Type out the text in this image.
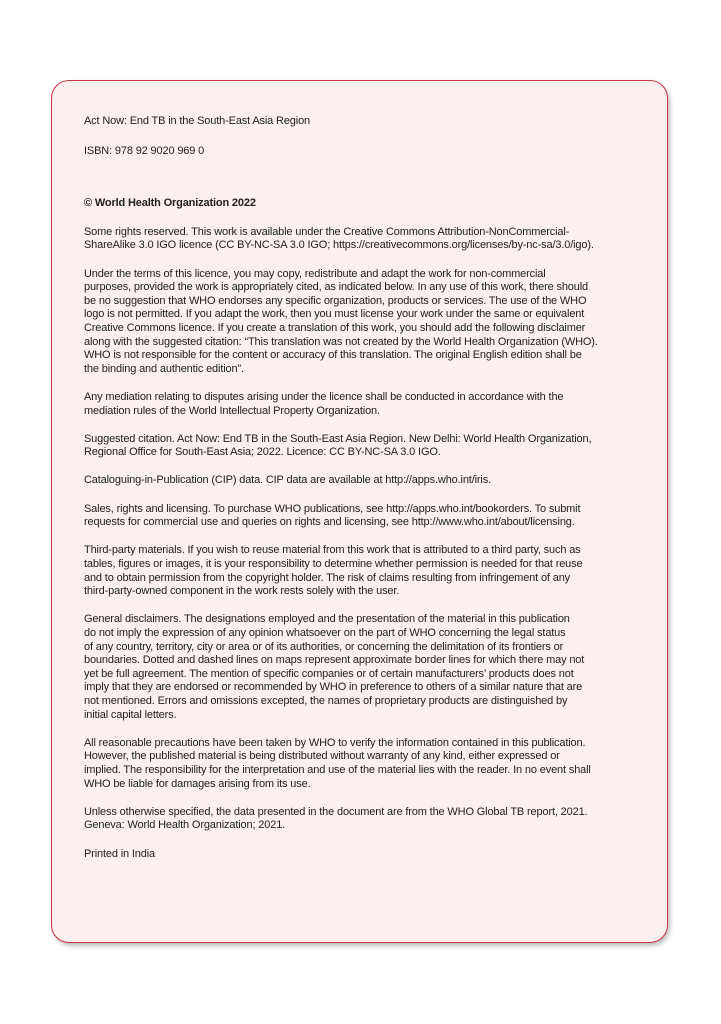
Act Now: End TB in the South-East Asia Region

ISBN: 978 92 9020 969 0

© World Health Organization 2022

Some rights reserved. This work is available under the Creative Commons Attribution-NonCommercial-
ShareAlike 3.0 IGO licence (CC BY-NC-SA 3.0 IGO; https://creativecommons.org/licenses/by-nc-sa/3.0/igo).

Under the terms of this licence, you may copy, redistribute and adapt the work for non-commercial
purposes, provided the work is appropriately cited, as indicated below. In any use of this work, there should
be no suggestion that WHO endorses any specific organization, products or services. The use of the WHO
logo is not permitted. If you adapt the work, then you must license your work under the same or equivalent
Creative Commons licence. If you create a translation of this work, you should add the following disclaimer
along with the suggested citation: “This translation was not created by the World Health Organization (WHO).
WHO is not responsible for the content or accuracy of this translation. The original English edition shall be
the binding and authentic edition”.

Any mediation relating to disputes arising under the licence shall be conducted in accordance with the
mediation rules of the World Intellectual Property Organization.

Suggested citation. Act Now: End TB in the South-East Asia Region. New Delhi: World Health Organization,
Regional Office for South-East Asia; 2022. Licence: CC BY-NC-SA 3.0 IGO.

Cataloguing-in-Publication (CIP) data. CIP data are available at http://apps.who.int/iris.

Sales, rights and licensing. To purchase WHO publications, see http://apps.who.int/bookorders. To submit
requests for commercial use and queries on rights and licensing, see http://www.who.int/about/licensing.

Third-party materials. If you wish to reuse material from this work that is attributed to a third party, such as
tables, figures or images, it is your responsibility to determine whether permission is needed for that reuse
and to obtain permission from the copyright holder. The risk of claims resulting from infringement of any
third-party-owned component in the work rests solely with the user.

General disclaimers. The designations employed and the presentation of the material in this publication
do not imply the expression of any opinion whatsoever on the part of WHO concerning the legal status
of any country, territory, city or area or of its authorities, or concerning the delimitation of its frontiers or
boundaries. Dotted and dashed lines on maps represent approximate border lines for which there may not
yet be full agreement. The mention of specific companies or of certain manufacturers’ products does not
imply that they are endorsed or recommended by WHO in preference to others of a similar nature that are
not mentioned. Errors and omissions excepted, the names of proprietary products are distinguished by
initial capital letters.

All reasonable precautions have been taken by WHO to verify the information contained in this publication.
However, the published material is being distributed without warranty of any kind, either expressed or
implied. The responsibility for the interpretation and use of the material lies with the reader. In no event shall
WHO be liable for damages arising from its use.

Unless otherwise specified, the data presented in the document are from the WHO Global TB report, 2021.
Geneva: World Health Organization; 2021.

Printed in India
